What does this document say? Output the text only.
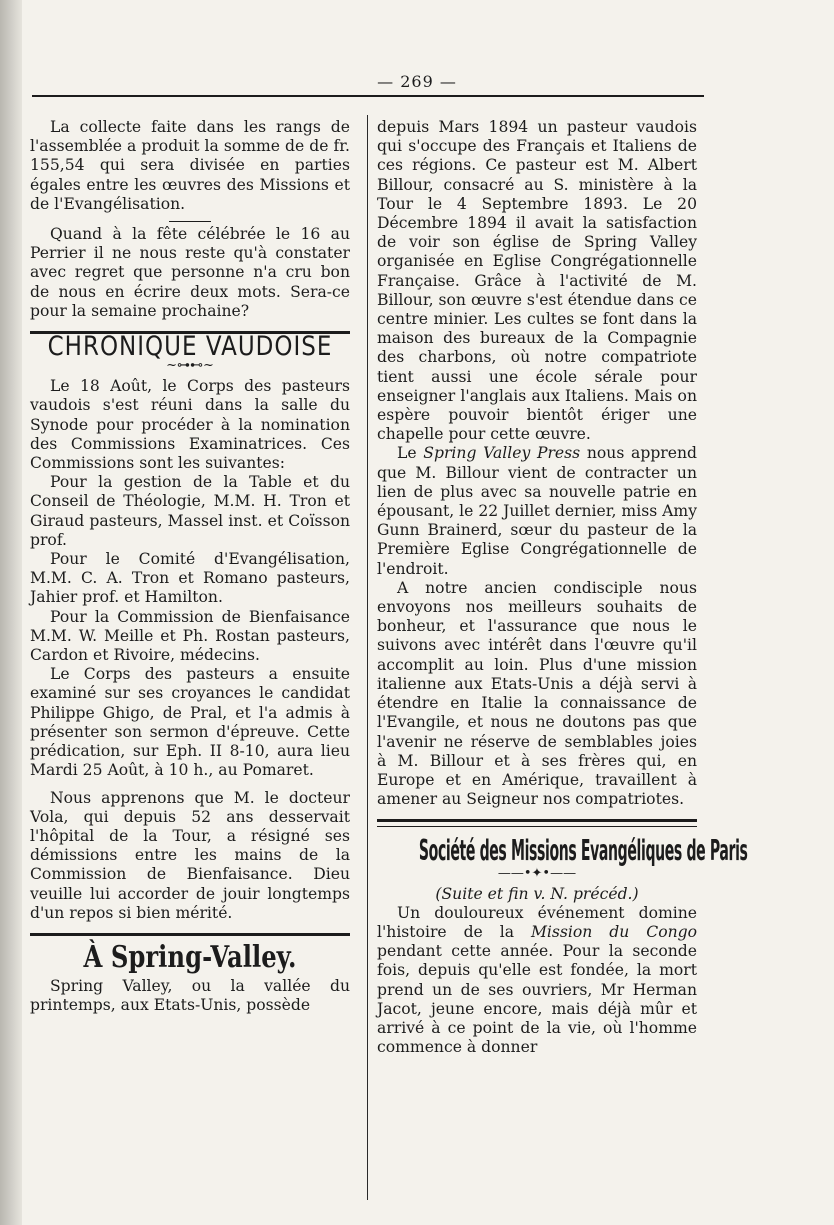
— 269 —

La collecte faite dans les rangs de l'assemblée a produit la somme de de fr. 155,54 qui sera divisée en parties égales entre les œuvres des Missions et de l'Evangélisation.

Quand à la fête célébrée le 16 au Perrier il ne nous reste qu'à constater avec regret que personne n'a cru bon de nous en écrire deux mots. Sera-ce pour la semaine prochaine?

CHRONIQUE VAUDOISE
~⊶⊷~

Le 18 Août, le Corps des pasteurs vaudois s'est réuni dans la salle du Synode pour procéder à la nomination des Commissions Examinatrices. Ces Commissions sont les suivantes:

Pour la gestion de la Table et du Conseil de Théologie, M.M. H. Tron et Giraud pasteurs, Massel inst. et Coïsson prof.

Pour le Comité d'Evangélisation, M.M. C. A. Tron et Romano pasteurs, Jahier prof. et Hamilton.

Pour la Commission de Bienfaisance M.M. W. Meille et Ph. Rostan pasteurs, Cardon et Rivoire, médecins.

Le Corps des pasteurs a ensuite examiné sur ses croyances le candidat Philippe Ghigo, de Pral, et l'a admis à présenter son sermon d'épreuve. Cette prédication, sur Eph. II 8-10, aura lieu Mardi 25 Août, à 10 h., au Pomaret.

Nous apprenons que M. le docteur Vola, qui depuis 52 ans desservait l'hôpital de la Tour, a résigné ses démissions entre les mains de la Commission de Bienfaisance. Dieu veuille lui accorder de jouir longtemps d'un repos si bien mérité.

À Spring-Valley.

Spring Valley, ou la vallée du printemps, aux Etats-Unis, possède

depuis Mars 1894 un pasteur vaudois qui s'occupe des Français et Italiens de ces régions. Ce pasteur est M. Albert Billour, consacré au S. ministère à la Tour le 4 Septembre 1893. Le 20 Décembre 1894 il avait la satisfaction de voir son église de Spring Valley organisée en Eglise Congrégationnelle Française. Grâce à l'activité de M. Billour, son œuvre s'est étendue dans ce centre minier. Les cultes se font dans la maison des bureaux de la Compagnie des charbons, où notre compatriote tient aussi une école sérale pour enseigner l'anglais aux Italiens. Mais on espère pouvoir bientôt ériger une chapelle pour cette œuvre.

Le Spring Valley Press nous apprend que M. Billour vient de contracter un lien de plus avec sa nouvelle patrie en épousant, le 22 Juillet dernier, miss Amy Gunn Brainerd, sœur du pasteur de la Première Eglise Congrégationnelle de l'endroit.

A notre ancien condisciple nous envoyons nos meilleurs souhaits de bonheur, et l'assurance que nous le suivons avec intérêt dans l'œuvre qu'il accomplit au loin. Plus d'une mission italienne aux Etats-Unis a déjà servi à étendre en Italie la connaissance de l'Evangile, et nous ne doutons pas que l'avenir ne réserve de semblables joies à M. Billour et à ses frères qui, en Europe et en Amérique, travaillent à amener au Seigneur nos compatriotes.

Société des Missions Evangéliques de Paris
——•✦•——

(Suite et fin v. N. précéd.)

Un douloureux événement domine l'histoire de la Mission du Congo pendant cette année. Pour la seconde fois, depuis qu'elle est fondée, la mort prend un de ses ouvriers, Mr Herman Jacot, jeune encore, mais déjà mûr et arrivé à ce point de la vie, où l'homme commence à donner
